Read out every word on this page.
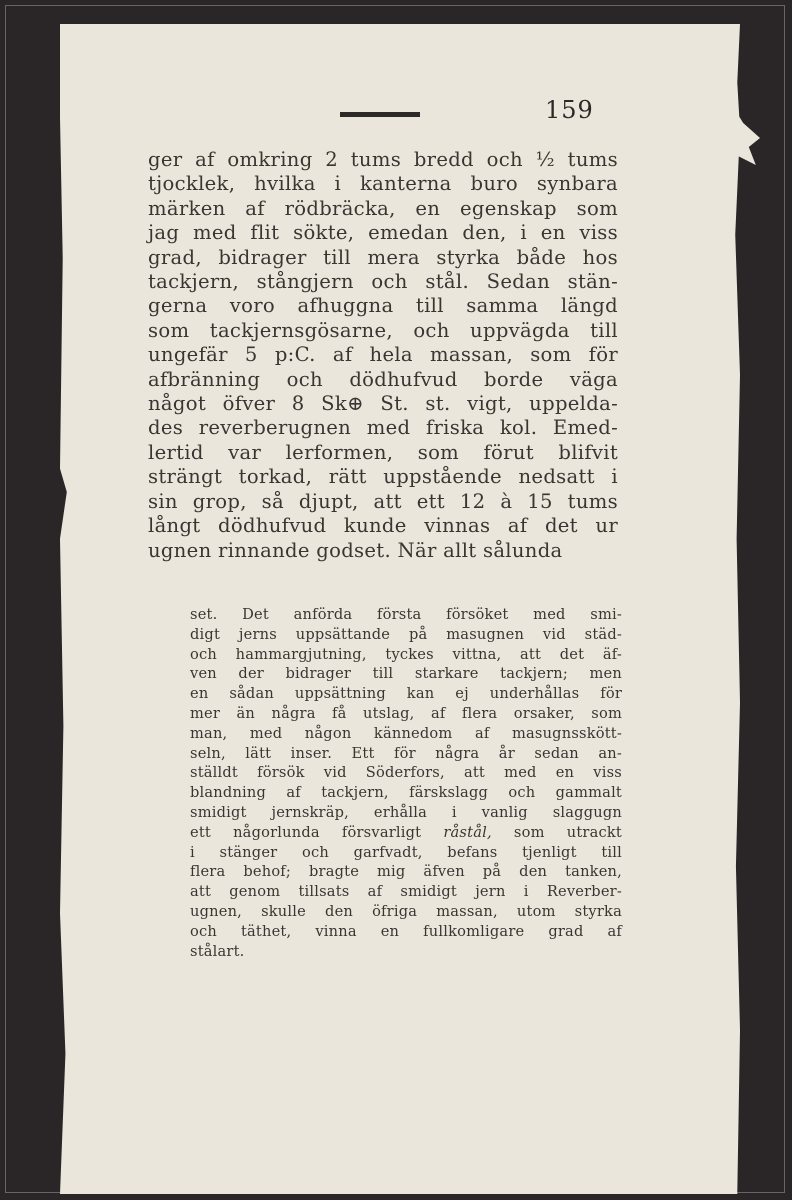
159
ger af omkring 2 tums bredd och ½ tums
tjocklek, hvilka i kanterna buro synbara
märken af rödbräcka, en egenskap som
jag med flit sökte, emedan den, i en viss
grad, bidrager till mera styrka både hos
tackjern, stångjern och stål. Sedan stän-
gerna voro afhuggna till samma längd
som tackjernsgösarne, och uppvägda till
ungefär 5 p:C. af hela massan, som för
afbränning och dödhufvud borde väga
något öfver 8 Sk⊕ St. st. vigt, uppelda-
des reverberugnen med friska kol. Emed-
lertid var lerformen, som förut blifvit
strängt torkad, rätt uppstående nedsatt i
sin grop, så djupt, att ett 12 à 15 tums
långt dödhufvud kunde vinnas af det ur
ugnen rinnande godset. När allt sålunda
set. Det anförda första försöket med smi-
digt jerns uppsättande på masugnen vid städ-
och hammargjutning, tyckes vittna, att det äf-
ven der bidrager till starkare tackjern; men
en sådan uppsättning kan ej underhållas för
mer än några få utslag, af flera orsaker, som
man, med någon kännedom af masugnsskött-
seln, lätt inser. Ett för några år sedan an-
ställdt försök vid Söderfors, att med en viss
blandning af tackjern, färskslagg och gammalt
smidigt jernskräp, erhålla i vanlig slaggugn
ett någorlunda försvarligt råstål, som utrackt
i stänger och garfvadt, befans tjenligt till
flera behof; bragte mig äfven på den tanken,
att genom tillsats af smidigt jern i Reverber-
ugnen, skulle den öfriga massan, utom styrka
och täthet, vinna en fullkomligare grad af
stålart.
